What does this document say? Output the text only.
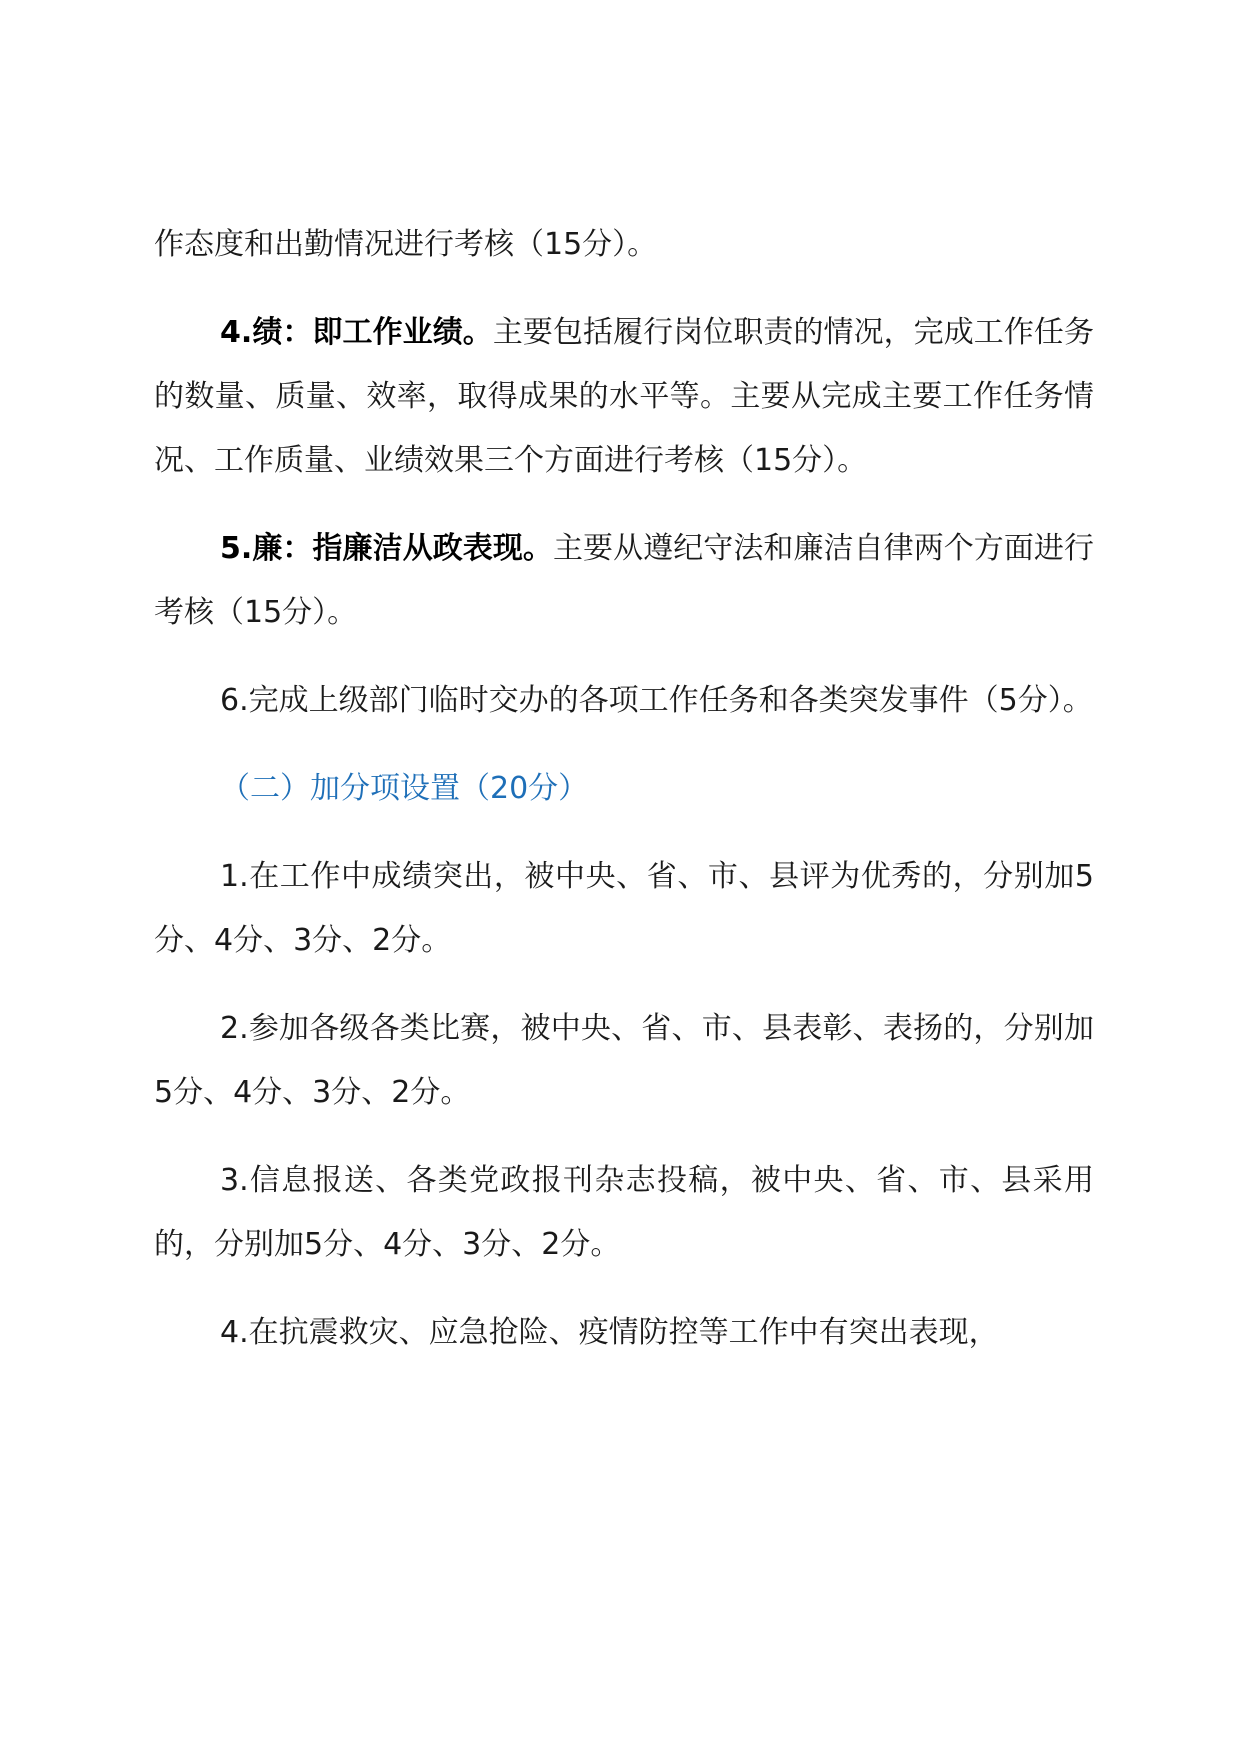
作态度和出勤情况进行考核（15分）。

4.绩：即工作业绩。主要包括履行岗位职责的情况，完成工作任务的数量、质量、效率，取得成果的水平等。主要从完成主要工作任务情况、工作质量、业绩效果三个方面进行考核（15分）。

5.廉：指廉洁从政表现。主要从遵纪守法和廉洁自律两个方面进行考核（15分）。

6.完成上级部门临时交办的各项工作任务和各类突发事件（5分）。

（二）加分项设置（20分）

1.在工作中成绩突出，被中央、省、市、县评为优秀的，分别加5分、4分、3分、2分。

2.参加各级各类比赛，被中央、省、市、县表彰、表扬的，分别加5分、4分、3分、2分。

3.信息报送、各类党政报刊杂志投稿，被中央、省、市、县采用的，分别加5分、4分、3分、2分。

4.在抗震救灾、应急抢险、疫情防控等工作中有突出表现，
